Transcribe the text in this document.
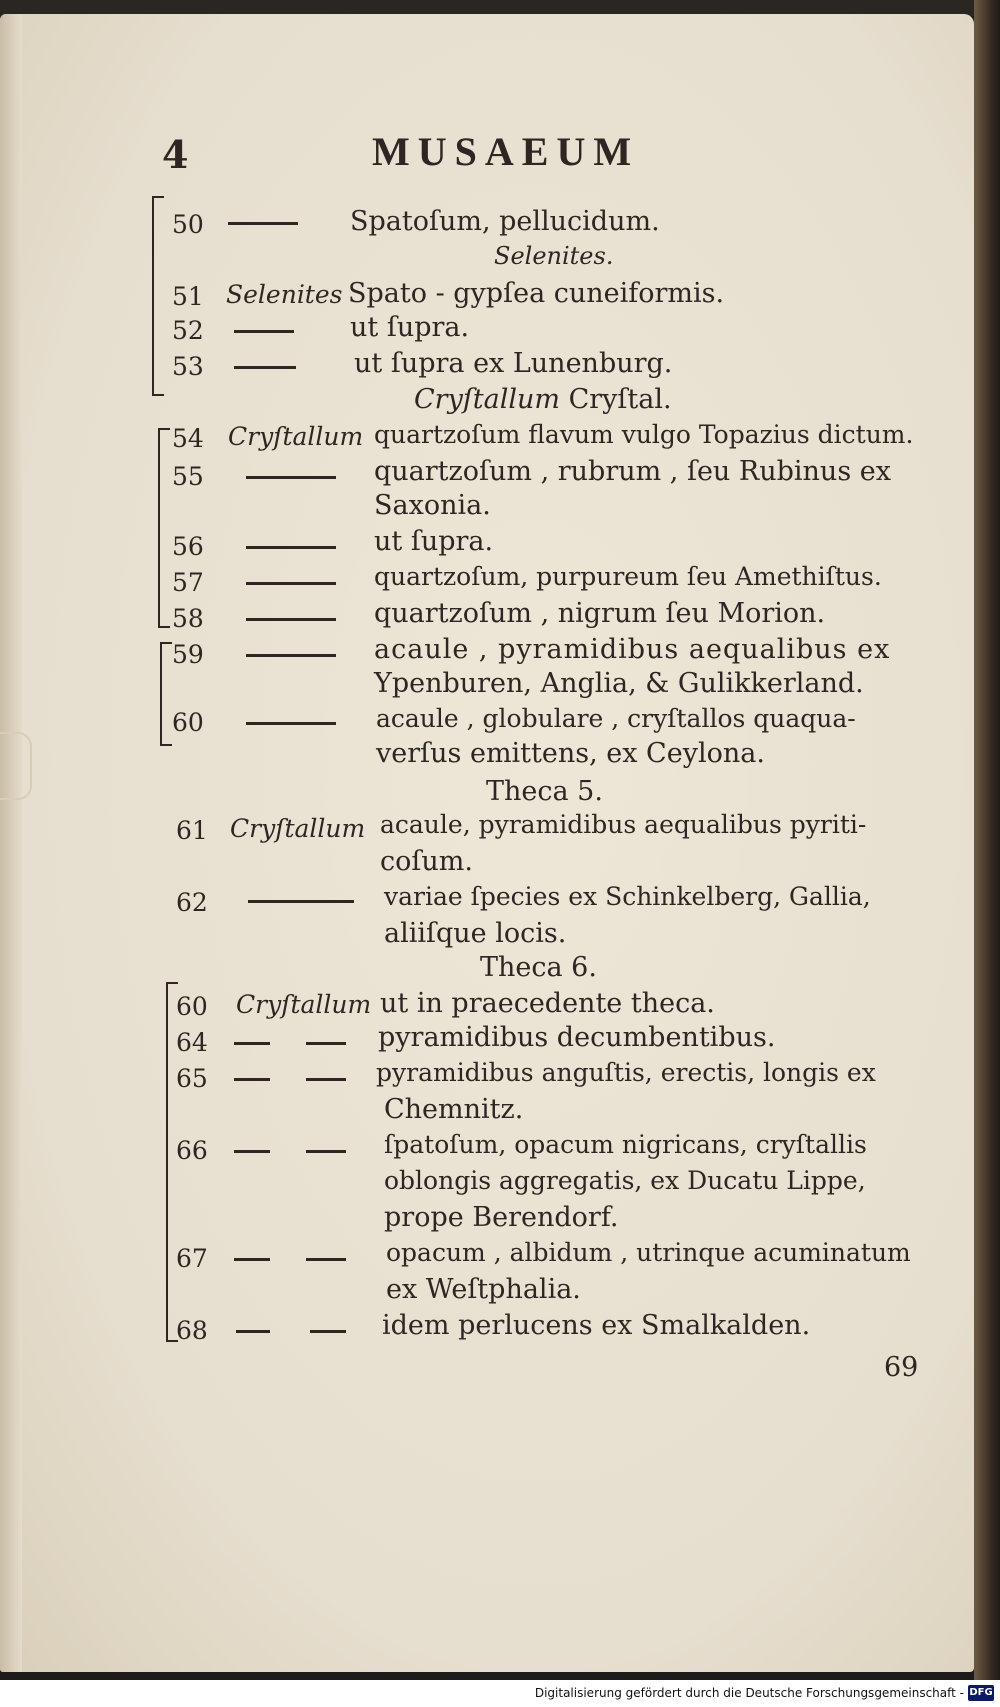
4	MUSAEUM
50	Spatoſum, pellucidum.
Selenites.
51 Selenites Spato - gypſea cuneiformis.
52	ut ſupra.
53	ut ſupra ex Lunenburg.
Cryſtallum Cryſtal.
54 Cryſtallum quartzoſum flavum vulgo Topazius dictum.
55	quartzoſum , rubrum , ſeu Rubinus ex
Saxonia.
56	ut ſupra.
57	quartzoſum, purpureum ſeu Amethiſtus.
58	quartzoſum , nigrum ſeu Morion.
59	acaule , pyramidibus aequalibus ex
Ypenburen, Anglia, & Gulikkerland.
60	acaule , globulare , cryſtallos quaqua-
verſus emittens, ex Ceylona.
Theca 5.
61 Cryſtallum acaule, pyramidibus aequalibus pyriti-
coſum.
62	variae ſpecies ex Schinkelberg, Gallia,
aliiſque locis.
Theca 6.
60 Cryſtallum ut in praecedente theca.
64	pyramidibus decumbentibus.
65	pyramidibus anguſtis, erectis, longis ex
Chemnitz.
66	ſpatoſum, opacum nigricans, cryſtallis
oblongis aggregatis, ex Ducatu Lippe,
prope Berendorf.
67	opacum , albidum , utrinque acuminatum
ex Weſtphalia.
68	idem perlucens ex Smalkalden.
69
Digitalisierung gefördert durch die Deutsche Forschungsgemeinschaft - DFG
